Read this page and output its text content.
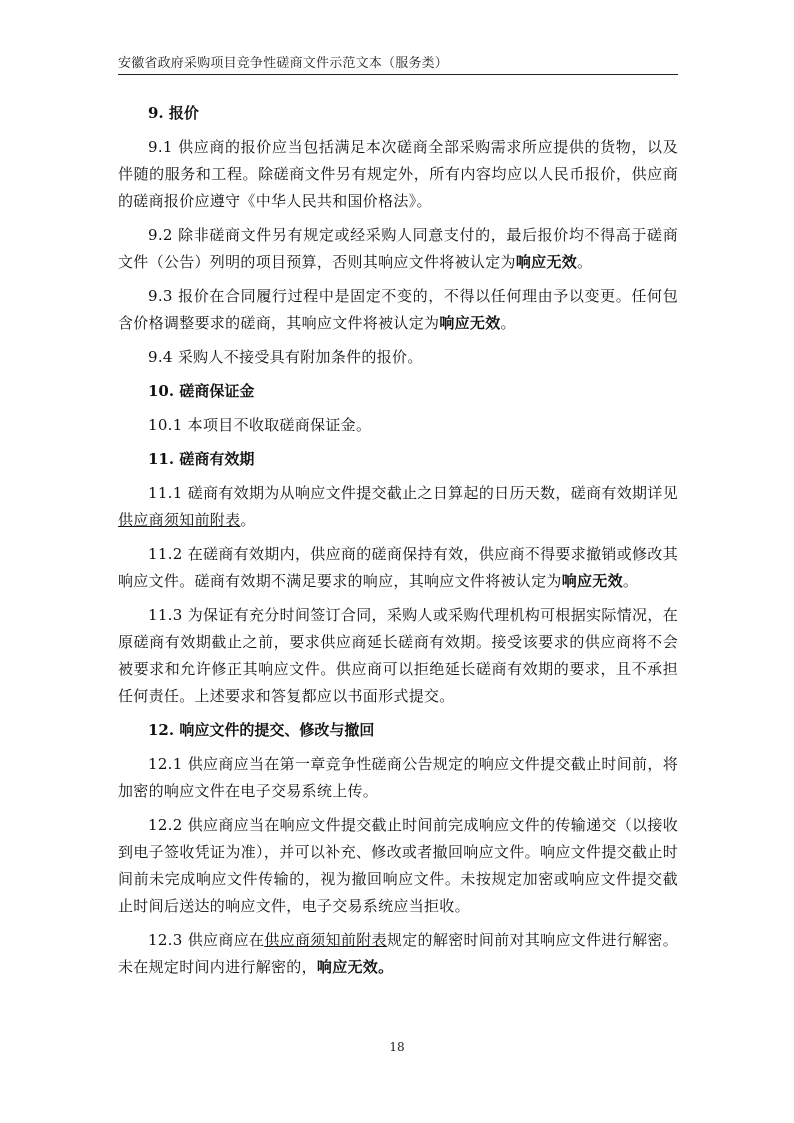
安徽省政府采购项目竞争性磋商文件示范文本（服务类）
9. 报价

9.1 供应商的报价应当包括满足本次磋商全部采购需求所应提供的货物，以及伴随的服务和工程。除磋商文件另有规定外，所有内容均应以人民币报价，供应商的磋商报价应遵守《中华人民共和国价格法》。

9.2 除非磋商文件另有规定或经采购人同意支付的，最后报价均不得高于磋商文件（公告）列明的项目预算，否则其响应文件将被认定为响应无效。

9.3 报价在合同履行过程中是固定不变的，不得以任何理由予以变更。任何包含价格调整要求的磋商，其响应文件将被认定为响应无效。

9.4 采购人不接受具有附加条件的报价。

10. 磋商保证金

10.1 本项目不收取磋商保证金。

11. 磋商有效期

11.1 磋商有效期为从响应文件提交截止之日算起的日历天数，磋商有效期详见供应商须知前附表。

11.2 在磋商有效期内，供应商的磋商保持有效，供应商不得要求撤销或修改其响应文件。磋商有效期不满足要求的响应，其响应文件将被认定为响应无效。

11.3 为保证有充分时间签订合同，采购人或采购代理机构可根据实际情况，在原磋商有效期截止之前，要求供应商延长磋商有效期。接受该要求的供应商将不会被要求和允许修正其响应文件。供应商可以拒绝延长磋商有效期的要求，且不承担任何责任。上述要求和答复都应以书面形式提交。

12. 响应文件的提交、修改与撤回

12.1 供应商应当在第一章竞争性磋商公告规定的响应文件提交截止时间前，将加密的响应文件在电子交易系统上传。

12.2 供应商应当在响应文件提交截止时间前完成响应文件的传输递交（以接收到电子签收凭证为准），并可以补充、修改或者撤回响应文件。响应文件提交截止时间前未完成响应文件传输的，视为撤回响应文件。未按规定加密或响应文件提交截止时间后送达的响应文件，电子交易系统应当拒收。

12.3 供应商应在供应商须知前附表规定的解密时间前对其响应文件进行解密。未在规定时间内进行解密的，响应无效。

18
